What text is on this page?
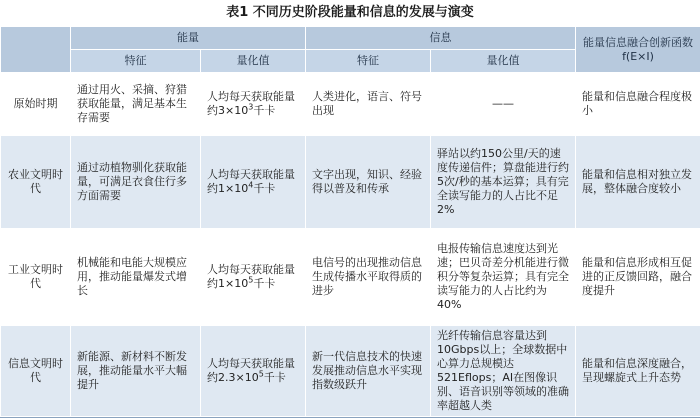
表1 不同历史阶段能量和信息的发展与演变
	能量		信息		能量信息融合创新函数 f(E×I)
	特征	量化值	特征	量化值	
原始时期	通过用火、采摘、狩猎获取能量，满足基本生存需要	人均每天获取能量约$3\times 10^3$千卡	人类进化，语言、符号出现	——	能量和信息融合程度极小
农业文明时代	通过动植物驯化获取能量，可满足衣食住行多方面需要	人均每天获取能量约$1\times 10^4$千卡	文字出现，知识、经验得以普及和传承	驿站以约150公里/天的速度传递信件；算盘能进行约5次/秒的基本运算；具有完全读写能力的人占比不足2%	能量和信息相对独立发展，整体融合度较小
工业文明时代	机械能和电能大规模应用，推动能量爆发式增长	人均每天获取能量约$1\times 10^5$千卡	电信号的出现推动信息生成传播水平取得质的进步	电报传输信息速度达到光速；巴贝奇差分机能进行微积分等复杂运算；具有完全读写能力的人占比约为40%	能量和信息形成相互促进的正反馈回路，融合度提升
信息文明时代	新能源、新材料不断发展，推动能量水平大幅提升	人均每天获取能量约$2.3\times 10^5$千卡	新一代信息技术的快速发展推动信息水平实现指数级跃升	光纤传输信息容量达到10Gbps以上；全球数据中心算力总规模达521Eflops；AI在图像识别、语音识别等领域的准确率超越人类	能量和信息深度融合，呈现螺旋式上升态势
